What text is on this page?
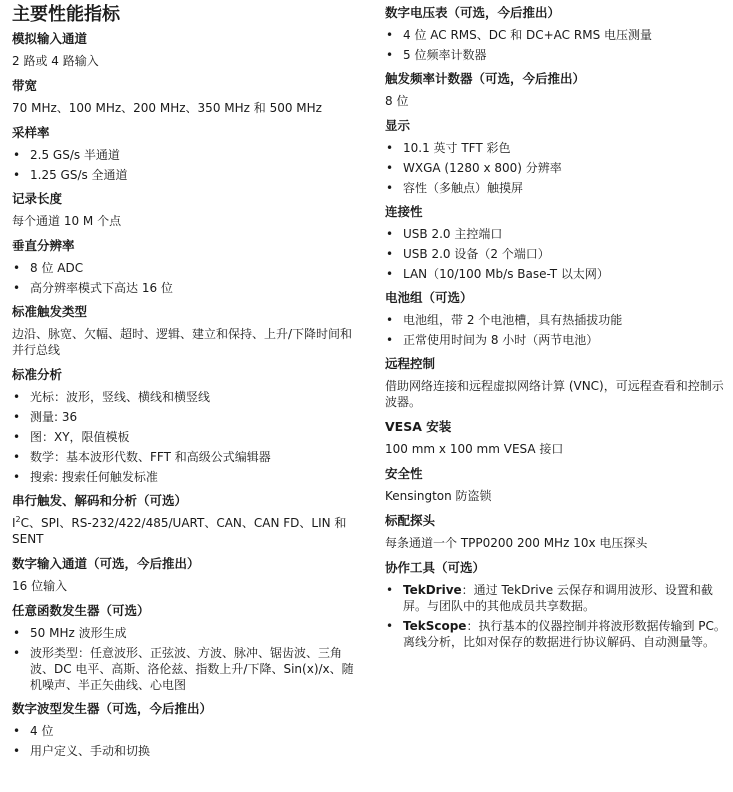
主要性能指标
模拟输入通道
2 路或 4 路输入
带宽
70 MHz、100 MHz、200 MHz、350 MHz 和 500 MHz
采样率
• 2.5 GS/s 半通道
• 1.25 GS/s 全通道
记录长度
每个通道 10 M 个点
垂直分辨率
• 8 位 ADC
• 高分辨率模式下高达 16 位
标准触发类型
边沿、脉宽、欠幅、超时、逻辑、建立和保持、上升/下降时间和并行总线
标准分析
• 光标：波形，竖线、横线和横竖线
• 测量: 36
• 图：XY，限值模板
• 数学：基本波形代数、FFT 和高级公式编辑器
• 搜索: 搜索任何触发标准
串行触发、解码和分析（可选）
$I^2C$、SPI、RS-232/422/485/UART、CAN、CAN FD、LIN 和 SENT
数字输入通道（可选，今后推出）
16 位输入
任意函数发生器（可选）
• 50 MHz 波形生成
• 波形类型：任意波形、正弦波、方波、脉冲、锯齿波、三角波、DC 电平、高斯、洛伦兹、指数上升/下降、Sin(x)/x、随机噪声、半正矢曲线、心电图
数字波型发生器（可选，今后推出）
• 4 位
• 用户定义、手动和切换
数字电压表（可选，今后推出）
• 4 位 AC RMS、DC 和 DC+AC RMS 电压测量
• 5 位频率计数器
触发频率计数器（可选，今后推出）
8 位
显示
• 10.1 英寸 TFT 彩色
• WXGA (1280 x 800) 分辨率
• 容性（多触点）触摸屏
连接性
• USB 2.0 主控端口
• USB 2.0 设备（2 个端口）
• LAN（10/100 Mb/s Base-T 以太网）
电池组（可选）
• 电池组，带 2 个电池槽，具有热插拔功能
• 正常使用时间为 8 小时（两节电池）
远程控制
借助网络连接和远程虚拟网络计算 (VNC)，可远程查看和控制示波器。
VESA 安装
100 mm x 100 mm VESA 接口
安全性
Kensington 防盗锁
标配探头
每条通道一个 TPP0200 200 MHz 10x 电压探头
协作工具（可选）
• TekDrive：通过 TekDrive 云保存和调用波形、设置和截屏。与团队中的其他成员共享数据。
• TekScope：执行基本的仪器控制并将波形数据传输到 PC。离线分析，比如对保存的数据进行协议解码、自动测量等。
